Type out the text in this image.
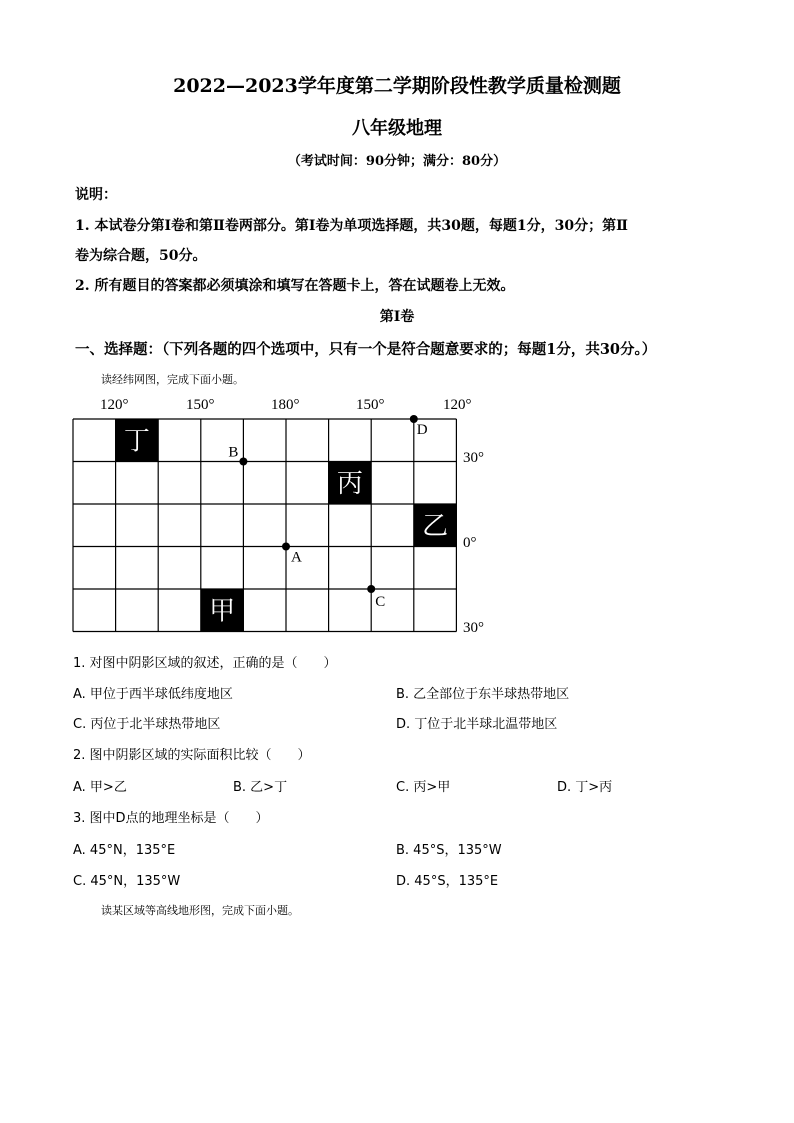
2022—2023学年度第二学期阶段性教学质量检测题
八年级地理
（考试时间：90分钟；满分：80分）
说明：
1. 本试卷分第Ⅰ卷和第Ⅱ卷两部分。第Ⅰ卷为单项选择题，共30题，每题1分，30分；第Ⅱ
卷为综合题，50分。
2. 所有题目的答案都必须填涂和填写在答题卡上，答在试题卷上无效。
第Ⅰ卷
一、选择题：（下列各题的四个选项中，只有一个是符合题意要求的；每题1分，共30分。）
读经纬网图，完成下面小题。
120°	150°	180°	150°	120°
30°
0°
30°
丁
丙
乙
甲
B
A
C
D
1. 对图中阴影区域的叙述，正确的是（　　）
A. 甲位于西半球低纬度地区	B. 乙全部位于东半球热带地区
C. 丙位于北半球热带地区	D. 丁位于北半球北温带地区
2. 图中阴影区域的实际面积比较（　　）
A. 甲>乙	B. 乙>丁	C. 丙>甲	D. 丁>丙
3. 图中D点的地理坐标是（　　）
A. 45°N，135°E	B. 45°S，135°W
C. 45°N，135°W	D. 45°S，135°E
读某区域等高线地形图，完成下面小题。
